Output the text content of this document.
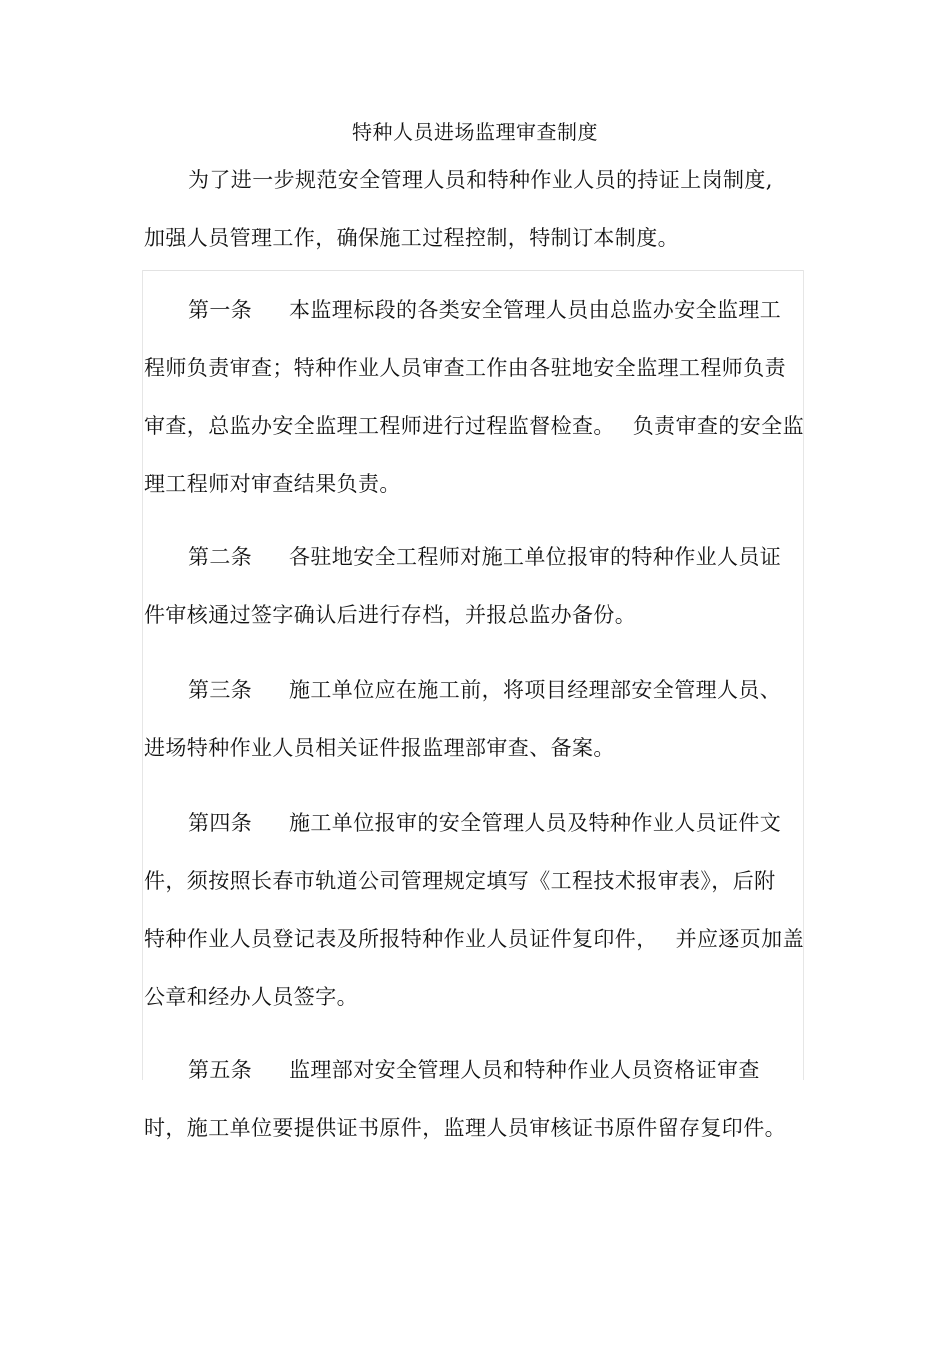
特种人员进场监理审查制度
为了进一步规范安全管理人员和特种作业人员的持证上岗制度,
加强人员管理工作，确保施工过程控制，特制订本制度。
第一条 本监理标段的各类安全管理人员由总监办安全监理工
程师负责审查；特种作业人员审查工作由各驻地安全监理工程师负责
审查，总监办安全监理工程师进行过程监督检查。　 负责审查的安全监
理工程师对审查结果负责。
第二条 各驻地安全工程师对施工单位报审的特种作业人员证
件审核通过签字确认后进行存档，并报总监办备份。
第三条 施工单位应在施工前，将项目经理部安全管理人员、
进场特种作业人员相关证件报监理部审查、备案。
第四条 施工单位报审的安全管理人员及特种作业人员证件文
件，须按照长春市轨道公司管理规定填写《工程技术报审表》，后附
特种作业人员登记表及所报特种作业人员证件复印件，　 并应逐页加盖
公章和经办人员签字。
第五条 监理部对安全管理人员和特种作业人员资格证审查
时，施工单位要提供证书原件，监理人员审核证书原件留存复印件。
